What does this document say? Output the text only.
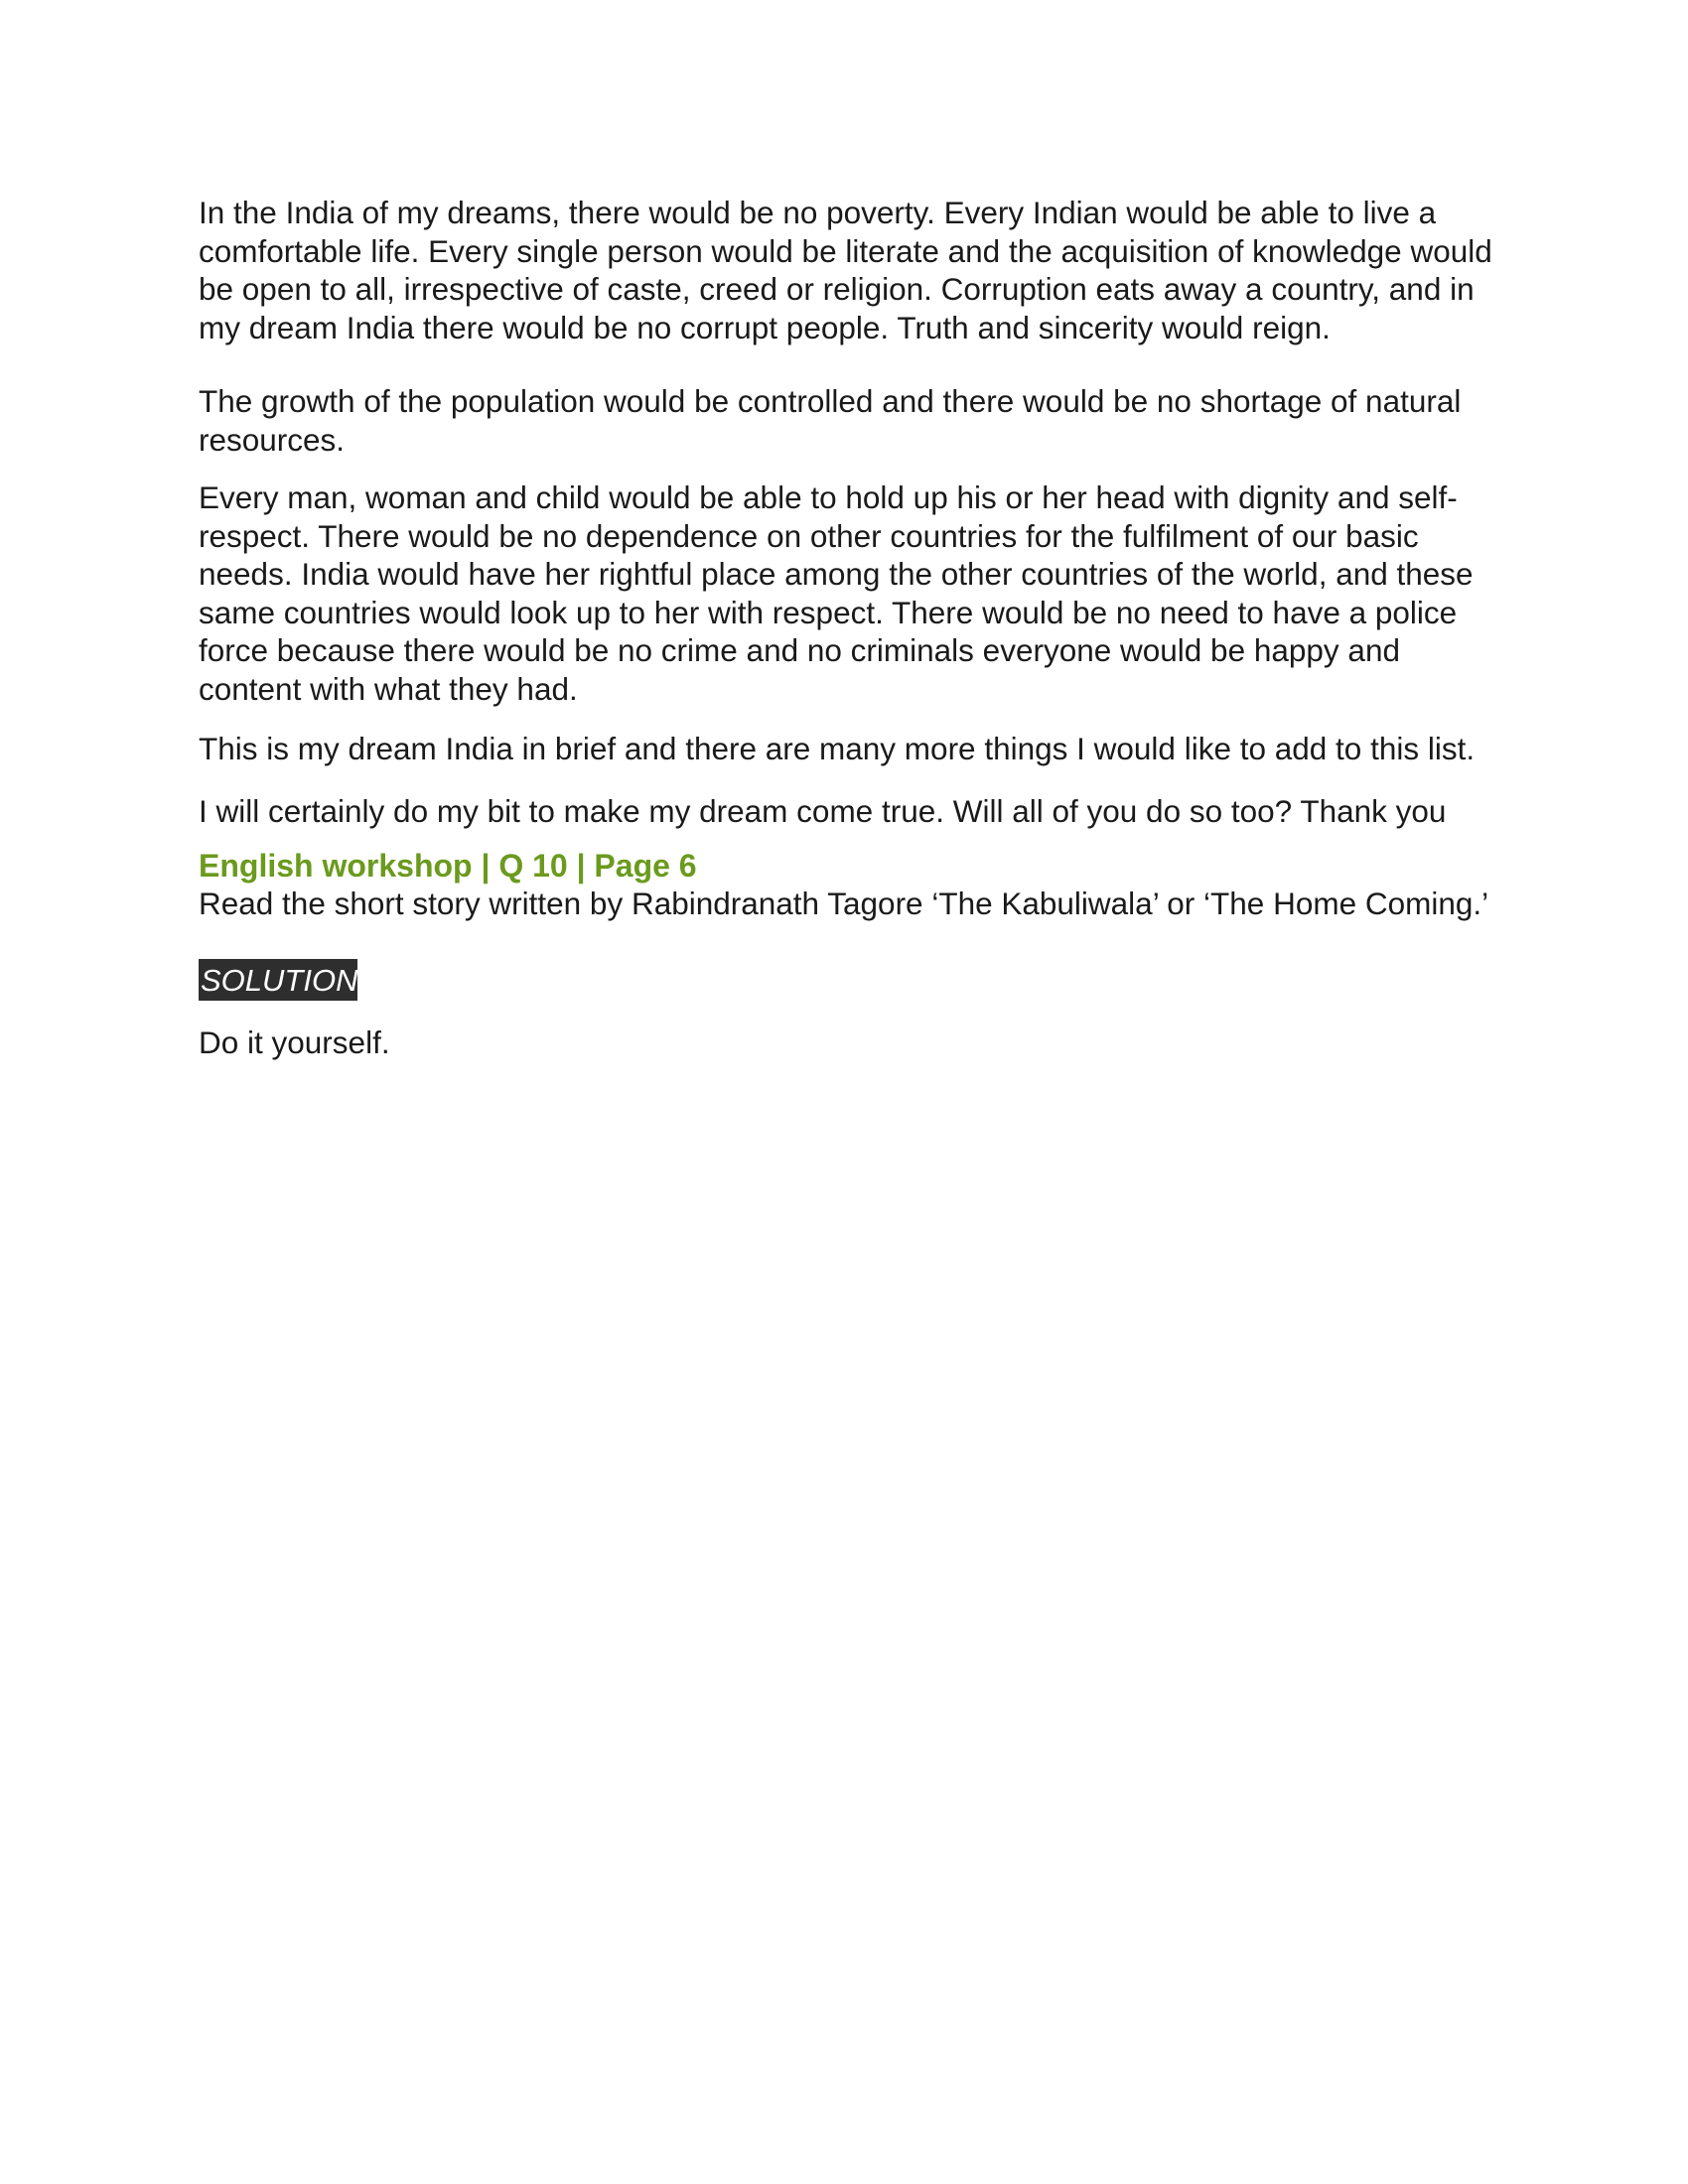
In the India of my dreams, there would be no poverty. Every Indian would be able to live a comfortable life. Every single person would be literate and the acquisition of knowledge would be open to all, irrespective of caste, creed or religion. Corruption eats away a country, and in my dream India there would be no corrupt people. Truth and sincerity would reign.

The growth of the population would be controlled and there would be no shortage of natural resources.

Every man, woman and child would be able to hold up his or her head with dignity and self-respect. There would be no dependence on other countries for the fulfilment of our basic needs. India would have her rightful place among the other countries of the world, and these same countries would look up to her with respect. There would be no need to have a police force because there would be no crime and no criminals everyone would be happy and content with what they had.

This is my dream India in brief and there are many more things I would like to add to this list.

I will certainly do my bit to make my dream come true. Will all of you do so too? Thank you

English workshop | Q 10 | Page 6

Read the short story written by Rabindranath Tagore ‘The Kabuliwala’ or ‘The Home Coming.’

SOLUTION

Do it yourself.
